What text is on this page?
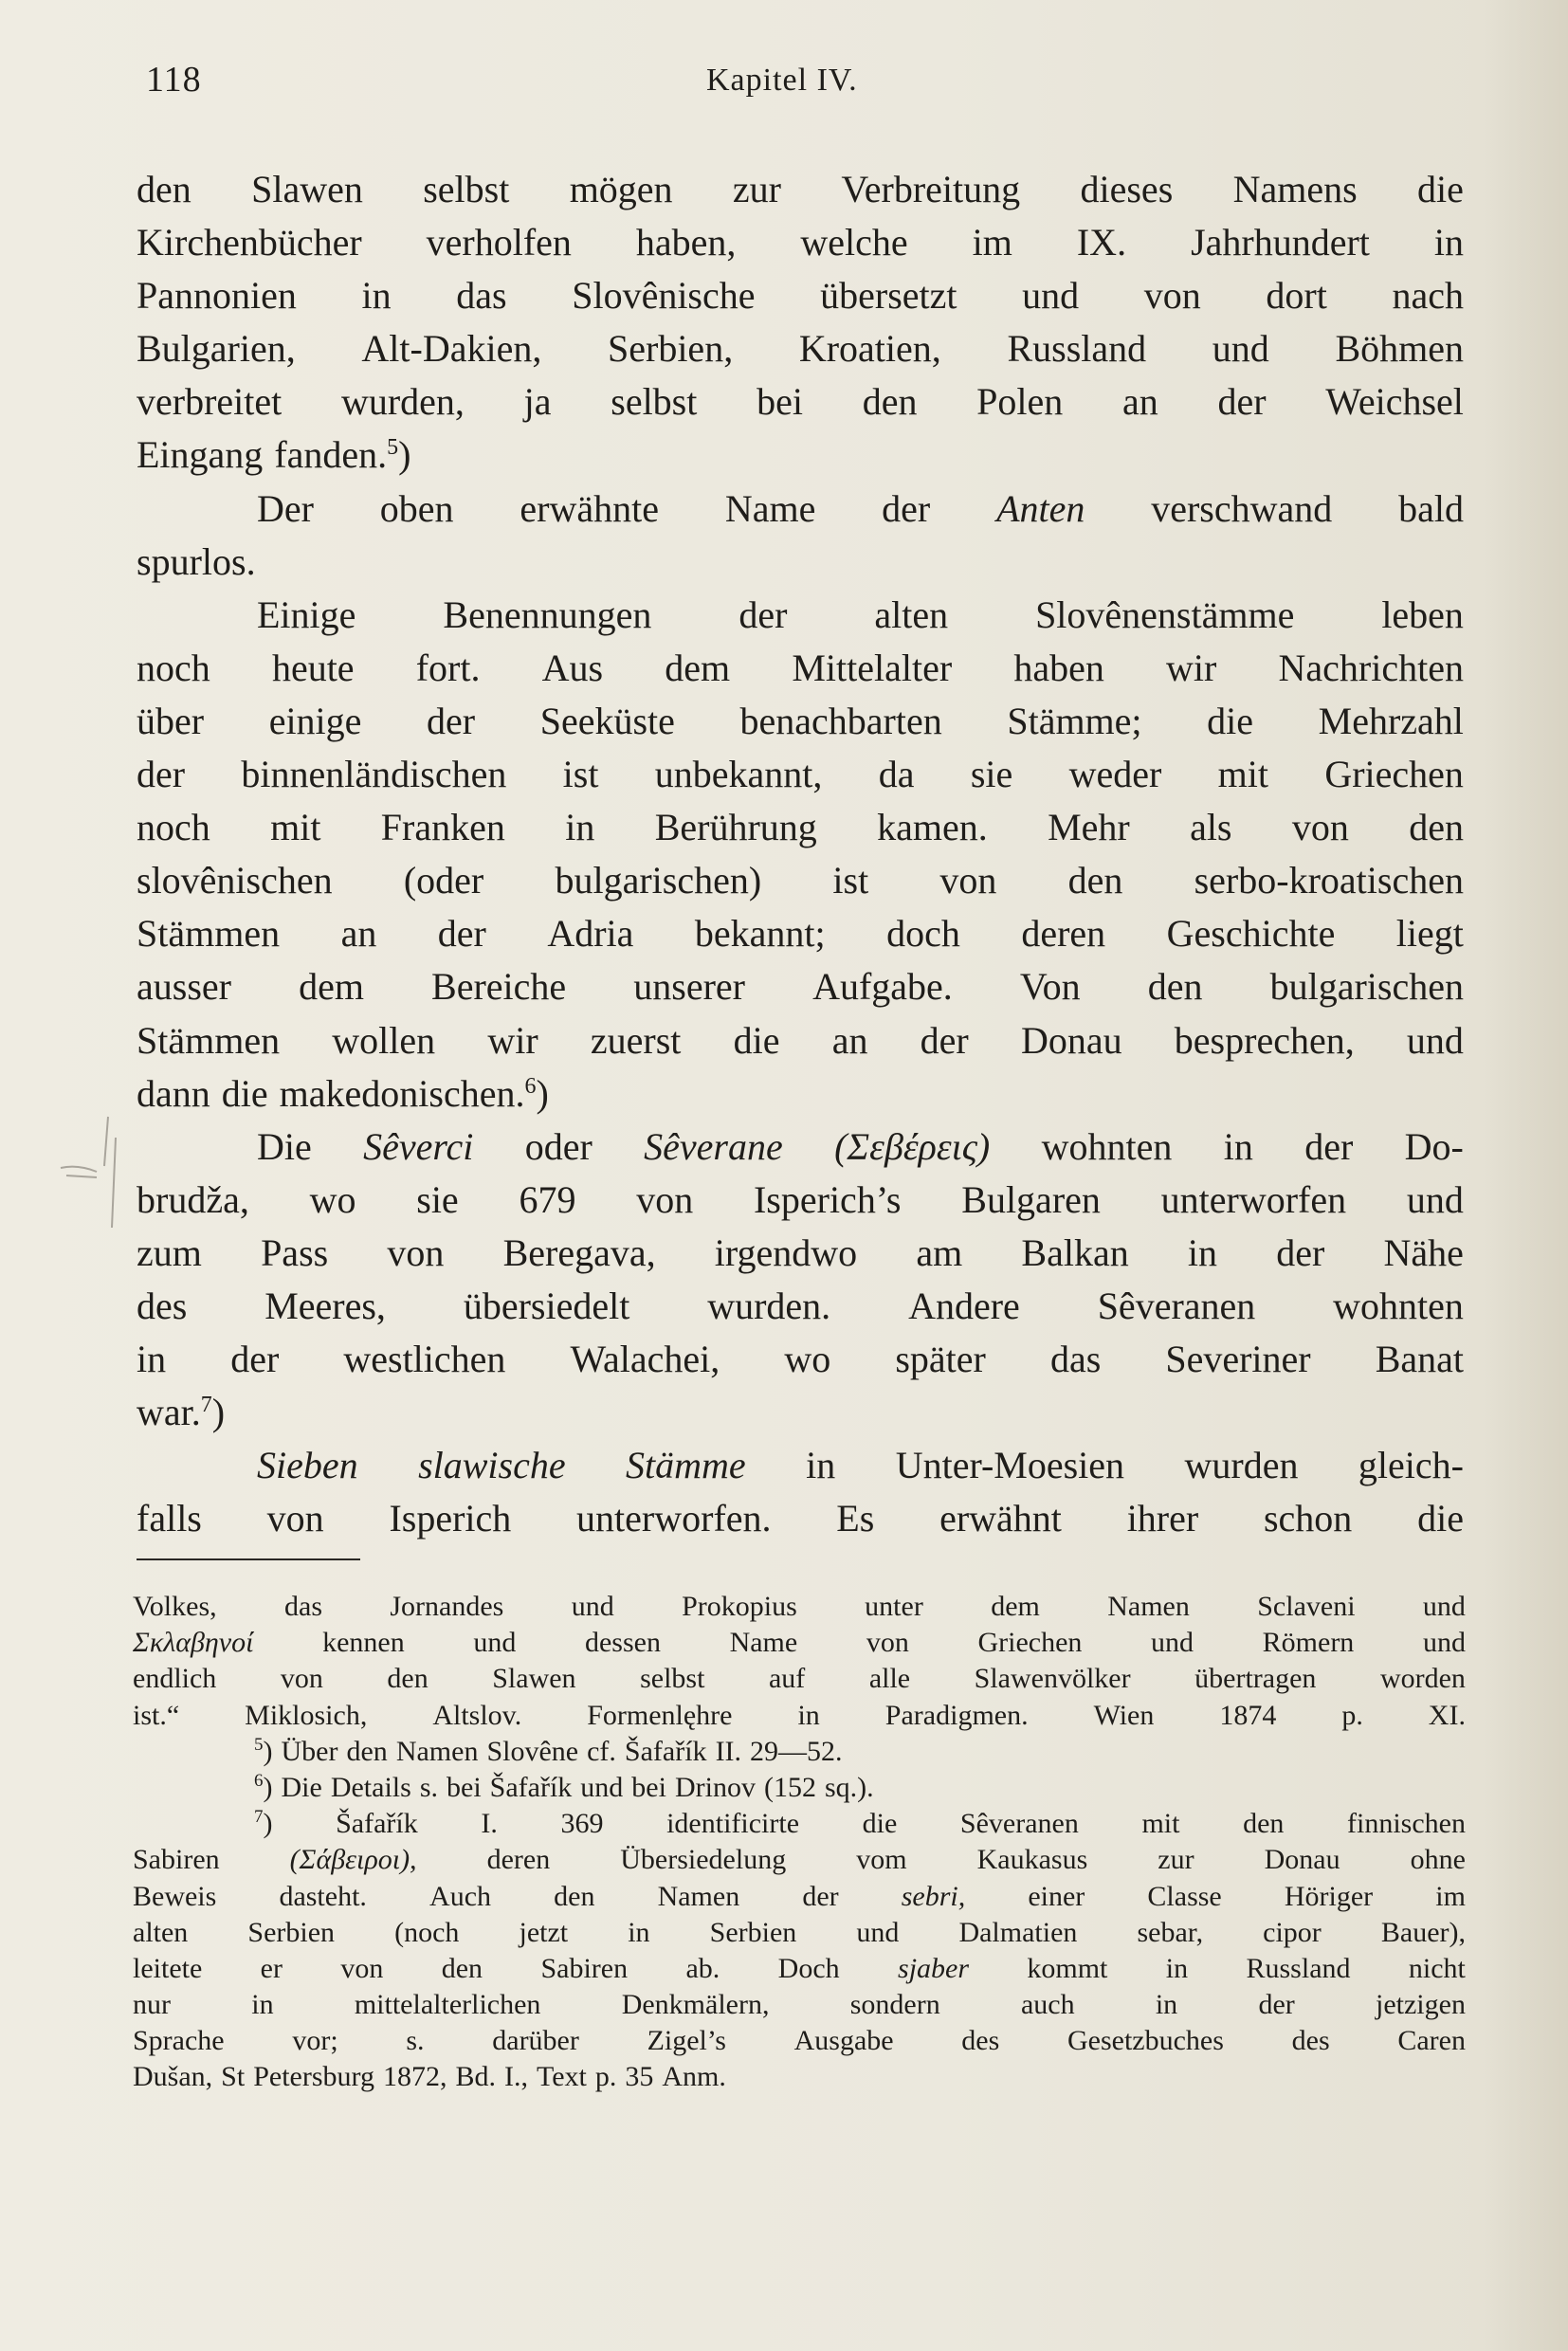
118	Kapitel IV.
den Slawen selbst mögen zur Verbreitung dieses Namens die
Kirchenbücher verholfen haben, welche im IX. Jahrhundert in
Pannonien in das Slovênische übersetzt und von dort nach
Bulgarien, Alt-Dakien, Serbien, Kroatien, Russland und Böhmen
verbreitet wurden, ja selbst bei den Polen an der Weichsel
Eingang fanden.$^5$)
Der oben erwähnte Name der Anten verschwand bald
spurlos.
Einige Benennungen der alten Slovênenstämme leben
noch heute fort. Aus dem Mittelalter haben wir Nachrichten
über einige der Seeküste benachbarten Stämme; die Mehrzahl
der binnenländischen ist unbekannt, da sie weder mit Griechen
noch mit Franken in Berührung kamen. Mehr als von den
slovênischen (oder bulgarischen) ist von den serbo-kroatischen
Stämmen an der Adria bekannt; doch deren Geschichte liegt
ausser dem Bereiche unserer Aufgabe. Von den bulgarischen
Stämmen wollen wir zuerst die an der Donau besprechen, und
dann die makedonischen.$^6$)
Die Sêverci oder Sêverane (Σεβέρεις) wohnten in der Do-
brudža, wo sie 679 von Isperich’s Bulgaren unterworfen und
zum Pass von Beregava, irgendwo am Balkan in der Nähe
des Meeres, übersiedelt wurden. Andere Sêveranen wohnten
in der westlichen Walachei, wo später das Severiner Banat
war.$^7$)
Sieben slawische Stämme in Unter-Moesien wurden gleich-
falls von Isperich unterworfen. Es erwähnt ihrer schon die
Volkes, das Jornandes und Prokopius unter dem Namen Sclaveni und
Σκλαβηνοί kennen und dessen Name von Griechen und Römern und
endlich von den Slawen selbst auf alle Slawenvölker übertragen worden
ist.“ Miklosich, Altslov. Formenlęhre in Paradigmen. Wien 1874 p. XI.
$^5$) Über den Namen Slovêne cf. Šafařík II. 29—52.
$^6$) Die Details s. bei Šafařík und bei Drinov (152 sq.).
$^7$) Šafařík I. 369 identificirte die Sêveranen mit den finnischen
Sabiren (Σάβειροι), deren Übersiedelung vom Kaukasus zur Donau ohne
Beweis dasteht. Auch den Namen der sebri, einer Classe Höriger im
alten Serbien (noch jetzt in Serbien und Dalmatien sebar, cipor Bauer),
leitete er von den Sabiren ab. Doch sjaber kommt in Russland nicht
nur	in	mittelalterlichen	Denkmälern,	sondern	auch	in	der	jetzigen
Sprache vor; s. darüber Zigel’s Ausgabe des Gesetzbuches des Caren
Dušan, St Petersburg 1872, Bd. I., Text p. 35 Anm.
